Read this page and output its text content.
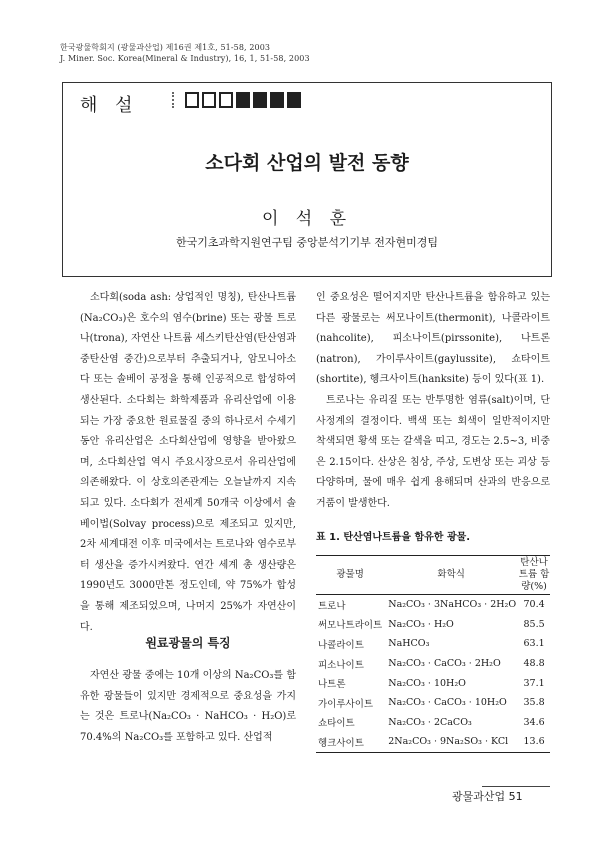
한국광물학회지 (광물과산업) 제16권 제1호, 51-58, 2003
J. Miner. Soc. Korea(Mineral & Industry), 16, 1, 51-58, 2003
해 설
소다회 산업의 발전 동향
이 석 훈
한국기초과학지원연구팀 중앙분석기기부 전자현미경팀

소다회(soda ash: 상업적인 명칭), 탄산나트륨(Na₂CO₃)은 호수의 염수(brine) 또는 광물 트로나(trona), 자연산 나트륨 세스키탄산염(탄산염과 중탄산염 중간)으로부터 추출되거나, 암모니아소다 또는 솔베이 공정을 통해 인공적으로 합성하여 생산된다. 소다회는 화학제품과 유리산업에 이용되는 가장 중요한 원료물질 중의 하나로서 수세기 동안 유리산업은 소다회산업에 영향을 받아왔으며, 소다회산업 역시 주요시장으로서 유리산업에 의존해왔다. 이 상호의존관계는 오늘날까지 지속되고 있다. 소다회가 전세계 50개국 이상에서 솔베이법(Solvay process)으로 제조되고 있지만, 2차 세계대전 이후 미국에서는 트로나와 염수로부터 생산을 증가시켜왔다. 연간 세계 총 생산량은 1990년도 3000만톤 정도인데, 약 75%가 합성을 통해 제조되었으며, 나머지 25%가 자연산이다.

원료광물의 특징

자연산 광물 중에는 10개 이상의 Na₂CO₃를 함유한 광물들이 있지만 경제적으로 중요성을 가지는 것은 트로나(Na₂CO₃ · NaHCO₃ · H₂O)로 70.4%의 Na₂CO₃를 포함하고 있다. 산업적

인 중요성은 떨어지지만 탄산나트륨을 함유하고 있는 다른 광물로는 써모나이트(thermonit), 나콜라이트(nahcolite), 피소나이트(pirssonite), 나트론(natron), 가이루사이트(gaylussite), 쇼타이트(shortite), 헹크사이트(hanksite) 등이 있다(표 1).

트로나는 유리질 또는 반투명한 염류(salt)이며, 단사정계의 결정이다. 백색 또는 회색이 일반적이지만 착색되면 황색 또는 갈색을 띠고, 경도는 2.5~3, 비중은 2.15이다. 산상은 침상, 주상, 도변상 또는 괴상 등 다양하며, 물에 매우 쉽게 용해되며 산과의 반응으로 거품이 발생한다.

표 1. 탄산염나트륨을 함유한 광물.
광물명	화학식	탄산나트륨 함량(%)
트로나	Na₂CO₃ · 3NaHCO₃ · 2H₂O	70.4
써모나트라이트	Na₂CO₃ · H₂O	85.5
나콜라이트	NaHCO₃	63.1
피소나이트	Na₂CO₃ · CaCO₃ · 2H₂O	48.8
나트론	Na₂CO₃ · 10H₂O	37.1
가이루사이트	Na₂CO₃ · CaCO₃ · 10H₂O	35.8
쇼타이트	Na₂CO₃ · 2CaCO₃	34.6
헹크사이트	2Na₂CO₃ · 9Na₂SO₃ · KCl	13.6
광물과산업 51
